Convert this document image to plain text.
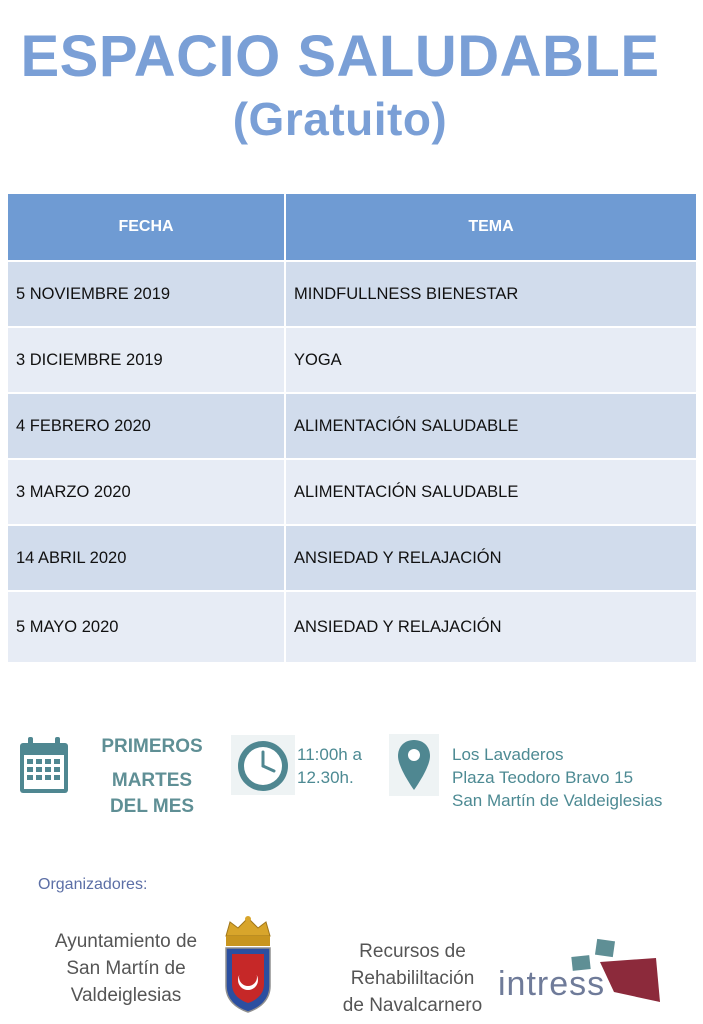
ESPACIO SALUDABLE
(Gratuito)
FECHA	TEMA
5 NOVIEMBRE 2019	MINDFULLNESS BIENESTAR
3 DICIEMBRE 2019	YOGA
4 FEBRERO 2020	ALIMENTACIÓN SALUDABLE
3 MARZO 2020	ALIMENTACIÓN SALUDABLE
14 ABRIL 2020	ANSIEDAD Y RELAJACIÓN
5 MAYO 2020	ANSIEDAD Y RELAJACIÓN
PRIMEROS
MARTES
DEL MES
11:00h a
12.30h.
Los Lavaderos
Plaza Teodoro Bravo 15
San Martín de Valdeiglesias
Organizadores:
Ayuntamiento de
San Martín de
Valdeiglesias
Recursos de
Rehabililtación
de Navalcarnero
intress
